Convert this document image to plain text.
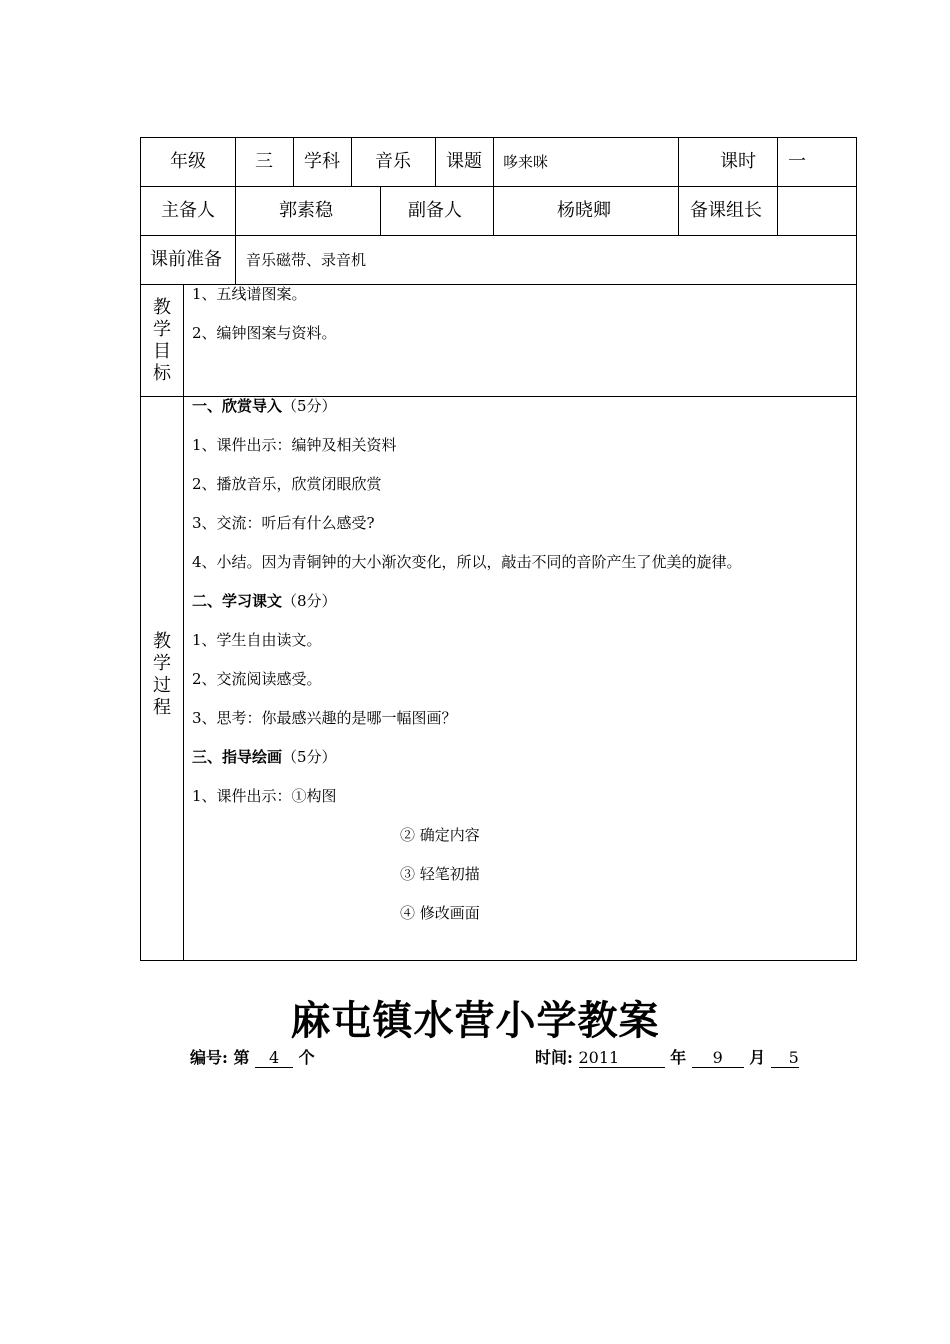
年级	三 学科 音乐 课题 哆来咪	课时 一
主备人	郭素稳	副备人	杨晓卿	备课组长
课前准备 音乐磁带、录音机
教
学
目
标
1、五线谱图案。
2、编钟图案与资料。
教
学
过
程
一、欣赏导入（5分）
1、课件出示：编钟及相关资料
2、播放音乐，欣赏闭眼欣赏
3、交流：听后有什么感受?
4、小结。因为青铜钟的大小渐次变化，所以，敲击不同的音阶产生了优美的旋律。
二、学习课文（8分）
1、学生自由读文。
2、交流阅读感受。
3、思考：你最感兴趣的是哪一幅图画？
三、指导绘画（5分）
1、课件出示：①构图
② 确定内容
③ 轻笔初描
④ 修改画面
麻屯镇水营小学教案
编号: 第 4 个	时间: 2011	年 9 月 5
